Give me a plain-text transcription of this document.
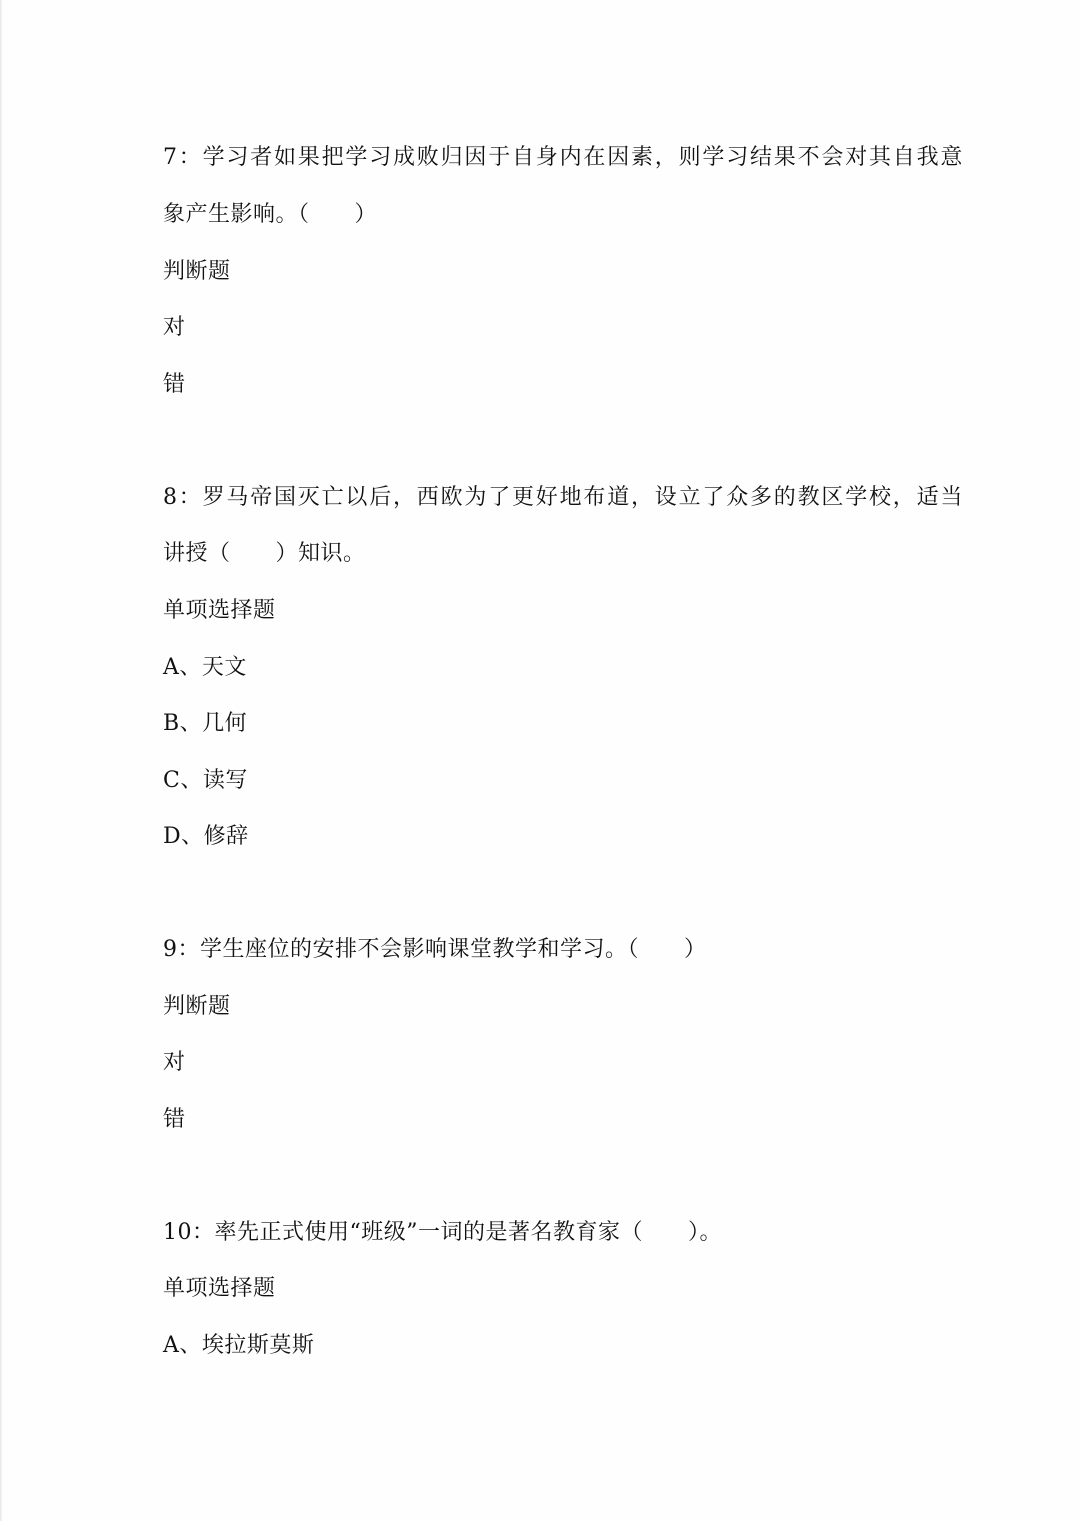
7：学习者如果把学习成败归因于自身内在因素，则学习结果不会对其自我意
象产生影响。（　　）
判断题
对
错
8：罗马帝国灭亡以后，西欧为了更好地布道，设立了众多的教区学校，适当
讲授（　　）知识。
单项选择题
A、天文
B、几何
C、读写
D、修辞
9：学生座位的安排不会影响课堂教学和学习。（　　）
判断题
对
错
10：率先正式使用“班级”一词的是著名教育家（　　）。
单项选择题
A、埃拉斯莫斯
